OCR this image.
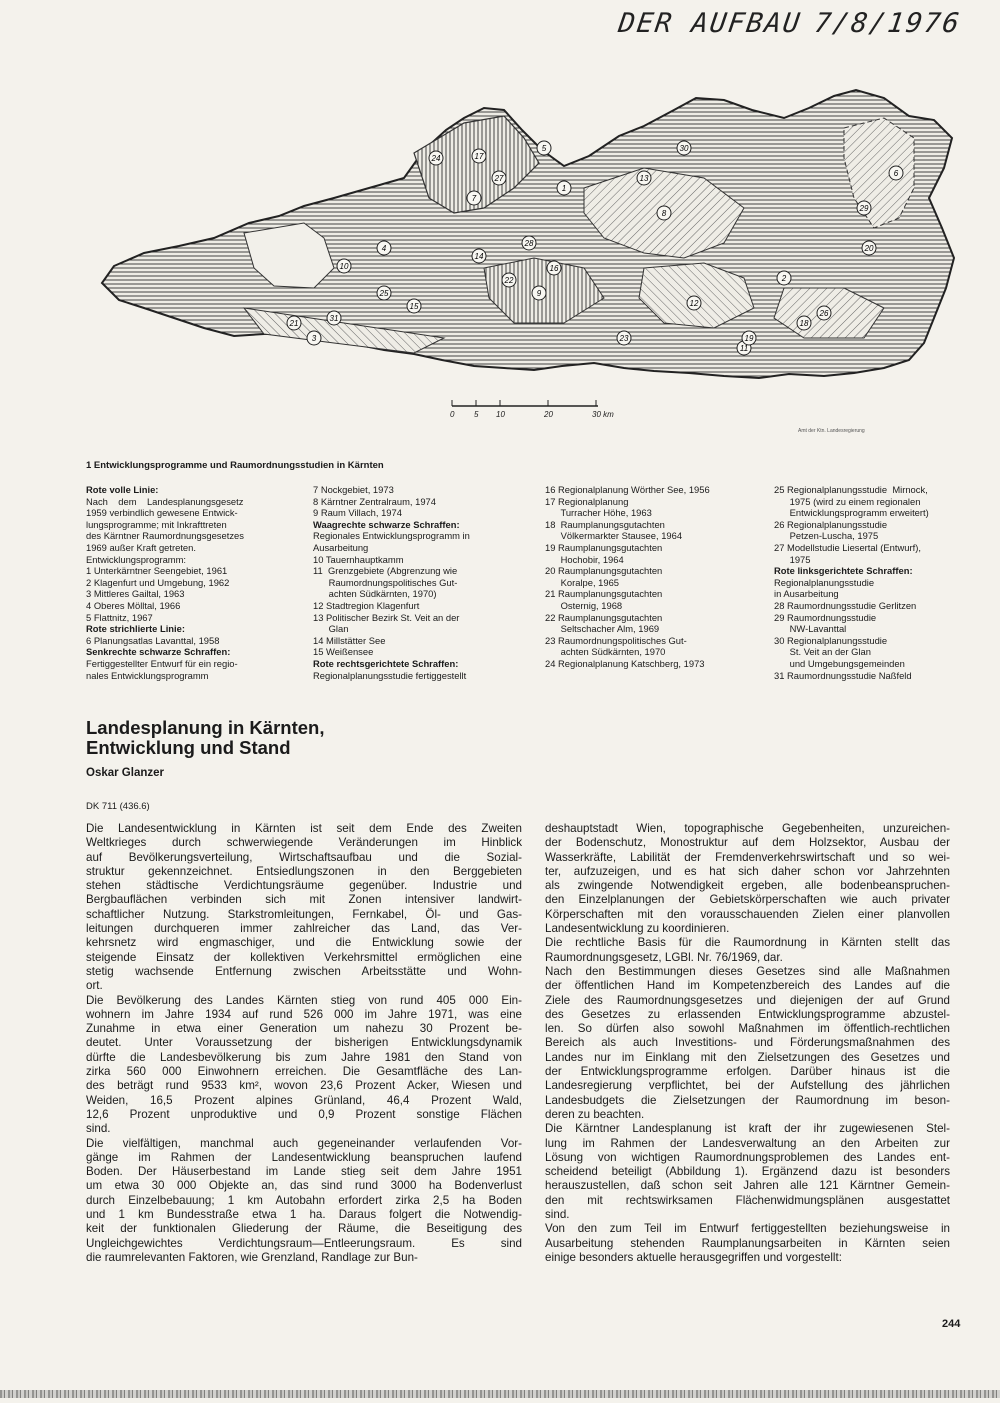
DER AUFBAU 7/8/1976
1
2
3
4
5
6
7
8
9
10
11
12
13
14
15
16
17
18
19
20
21
22
23
24
25
26
27
28
29
30
31
0 5 10	20	30 km
Amt der Ktn. Landesregierung
1 Entwicklungsprogramme und Raumordnungsstudien in Kärnten
Rote volle Linie:
Nach    dem    Landesplanungsgesetz
1959 verbindlich gewesene Entwick-
lungsprogramme; mit Inkrafttreten
des Kärntner Raumordnungsgesetzes
1969 außer Kraft getreten.
Entwicklungsprogramm:
1 Unterkärntner Seengebiet, 1961
2 Klagenfurt und Umgebung, 1962
3 Mittleres Gailtal, 1963
4 Oberes Mölltal, 1966
5 Flattnitz, 1967
Rote strichlierte Linie:
6 Planungsatlas Lavanttal, 1958
Senkrechte schwarze Schraffen:
Fertiggestellter Entwurf für ein regio-
nales Entwicklungsprogramm
7 Nockgebiet, 1973
8 Kärntner Zentralraum, 1974
9 Raum Villach, 1974
Waagrechte schwarze Schraffen:
Regionales Entwicklungsprogramm in
Ausarbeitung
10 Tauernhauptkamm
11  Grenzgebiete (Abgrenzung wie
Raumordnungspolitisches Gut-
achten Südkärnten, 1970)
12 Stadtregion Klagenfurt
13 Politischer Bezirk St. Veit an der
Glan
14 Millstätter See
15 Weißensee
Rote rechtsgerichtete Schraffen:
Regionalplanungsstudie fertiggestellt
16 Regionalplanung Wörther See, 1956
17 Regionalplanung
Turracher Höhe, 1963
18  Raumplanungsgutachten
Völkermarkter Stausee, 1964
19 Raumplanungsgutachten
Hochobir, 1964
20 Raumplanungsgutachten
Koralpe, 1965
21 Raumplanungsgutachten
Osternig, 1968
22 Raumplanungsgutachten
Seltschacher Alm, 1969
23 Raumordnungspolitisches Gut-
achten Südkärnten, 1970
24 Regionalplanung Katschberg, 1973
25 Regionalplanungsstudie  Mirnock,
1975 (wird zu einem regionalen
Entwicklungsprogramm erweitert)
26 Regionalplanungsstudie
Petzen-Luscha, 1975
27 Modellstudie Liesertal (Entwurf),
1975
Rote linksgerichtete Schraffen:
Regionalplanungsstudie
in Ausarbeitung
28 Raumordnungsstudie Gerlitzen
29 Raumordnungsstudie
NW-Lavanttal
30 Regionalplanungsstudie
St. Veit an der Glan
und Umgebungsgemeinden
31 Raumordnungsstudie Naßfeld
Landesplanung in Kärnten,
Entwicklung und Stand
Oskar Glanzer
DK 711 (436.6)
Die Landesentwicklung in Kärnten ist seit dem Ende des Zweiten
Weltkrieges durch schwerwiegende Veränderungen im Hinblick
auf Bevölkerungsverteilung, Wirtschaftsaufbau und die Sozial-
struktur gekennzeichnet. Entsiedlungszonen in den Berggebieten
stehen städtische Verdichtungsräume gegenüber. Industrie und
Bergbauflächen verbinden sich mit Zonen intensiver landwirt-
schaftlicher Nutzung. Starkstromleitungen, Fernkabel, Öl- und Gas-
leitungen durchqueren immer zahlreicher das Land, das Ver-
kehrsnetz wird engmaschiger, und die Entwicklung sowie der
steigende Einsatz der kollektiven Verkehrsmittel ermöglichen eine
stetig wachsende Entfernung zwischen Arbeitsstätte und Wohn-
ort.
Die Bevölkerung des Landes Kärnten stieg von rund 405 000 Ein-
wohnern im Jahre 1934 auf rund 526 000 im Jahre 1971, was eine
Zunahme in etwa einer Generation um nahezu 30 Prozent be-
deutet. Unter Voraussetzung der bisherigen Entwicklungsdynamik
dürfte die Landesbevölkerung bis zum Jahre 1981 den Stand von
zirka 560 000 Einwohnern erreichen. Die Gesamtfläche des Lan-
des beträgt rund 9533 km², wovon 23,6 Prozent Acker, Wiesen und
Weiden, 16,5 Prozent alpines Grünland, 46,4 Prozent Wald,
12,6 Prozent unproduktive und 0,9 Prozent sonstige Flächen
sind.
Die vielfältigen, manchmal auch gegeneinander verlaufenden Vor-
gänge im Rahmen der Landesentwicklung beanspruchen laufend
Boden. Der Häuserbestand im Lande stieg seit dem Jahre 1951
um etwa 30 000 Objekte an, das sind rund 3000 ha Bodenverlust
durch Einzelbebauung; 1 km Autobahn erfordert zirka 2,5 ha Boden
und 1 km Bundesstraße etwa 1 ha. Daraus folgert die Notwendig-
keit der funktionalen Gliederung der Räume, die Beseitigung des
Ungleichgewichtes Verdichtungsraum—Entleerungsraum. Es sind
die raumrelevanten Faktoren, wie Grenzland, Randlage zur Bun-
deshauptstadt Wien, topographische Gegebenheiten, unzureichen-
der Bodenschutz, Monostruktur auf dem Holzsektor, Ausbau der
Wasserkräfte, Labilität der Fremdenverkehrswirtschaft und so wei-
ter, aufzuzeigen, und es hat sich daher schon vor Jahrzehnten
als zwingende Notwendigkeit ergeben, alle bodenbeanspruchen-
den Einzelplanungen der Gebietskörperschaften wie auch privater
Körperschaften mit den vorausschauenden Zielen einer planvollen
Landesentwicklung zu koordinieren.
Die rechtliche Basis für die Raumordnung in Kärnten stellt das
Raumordnungsgesetz, LGBl. Nr. 76/1969, dar.
Nach den Bestimmungen dieses Gesetzes sind alle Maßnahmen
der öffentlichen Hand im Kompetenzbereich des Landes auf die
Ziele des Raumordnungsgesetzes und diejenigen der auf Grund
des Gesetzes zu erlassenden Entwicklungsprogramme abzustel-
len. So dürfen also sowohl Maßnahmen im öffentlich-rechtlichen
Bereich als auch Investitions- und Förderungsmaßnahmen des
Landes nur im Einklang mit den Zielsetzungen des Gesetzes und
der Entwicklungsprogramme erfolgen. Darüber hinaus ist die
Landesregierung verpflichtet, bei der Aufstellung des jährlichen
Landesbudgets die Zielsetzungen der Raumordnung im beson-
deren zu beachten.
Die Kärntner Landesplanung ist kraft der ihr zugewiesenen Stel-
lung im Rahmen der Landesverwaltung an den Arbeiten zur
Lösung von wichtigen Raumordnungsproblemen des Landes ent-
scheidend beteiligt (Abbildung 1). Ergänzend dazu ist besonders
herauszustellen, daß schon seit Jahren alle 121 Kärntner Gemein-
den mit rechtswirksamen Flächenwidmungsplänen ausgestattet
sind.
Von den zum Teil im Entwurf fertiggestellten beziehungsweise in
Ausarbeitung stehenden Raumplanungsarbeiten in Kärnten seien
einige besonders aktuelle herausgegriffen und vorgestellt:
244
